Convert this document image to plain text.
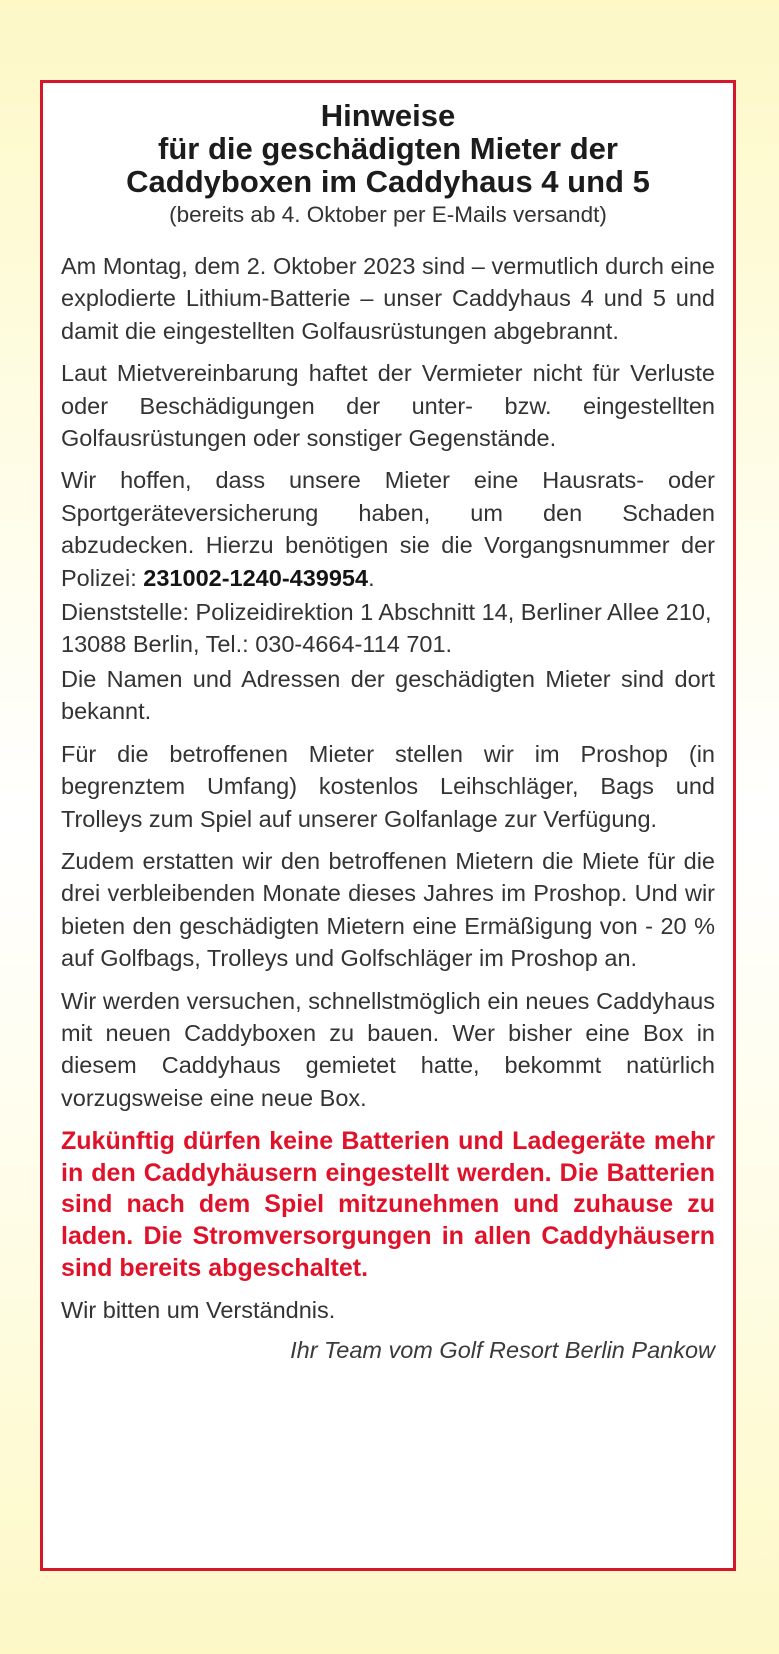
Hinweise
für die geschädigten Mieter der
Caddyboxen im Caddyhaus 4 und 5

(bereits ab 4. Oktober per E-Mails versandt)

Am Montag, dem 2. Oktober 2023 sind – vermutlich durch eine explodierte Lithium-Batterie – unser Caddyhaus 4 und 5 und damit die eingestellten Golfausrüstungen abgebrannt.

Laut Mietvereinbarung haftet der Vermieter nicht für Verluste oder Beschädigungen der unter- bzw. eingestellten Golfausrüstungen oder sonstiger Gegenstände.

Wir hoffen, dass unsere Mieter eine Hausrats- oder Sportgeräteversicherung haben, um den Schaden abzudecken. Hierzu benötigen sie die Vorgangsnummer der Polizei: 231002-1240-439954.

Dienststelle: Polizeidirektion 1 Abschnitt 14, Berliner Allee 210, 13088 Berlin, Tel.: 030-4664-114 701.

Die Namen und Adressen der geschädigten Mieter sind dort bekannt.

Für die betroffenen Mieter stellen wir im Proshop (in begrenztem Umfang) kostenlos Leihschläger, Bags und Trolleys zum Spiel auf unserer Golfanlage zur Verfügung.

Zudem erstatten wir den betroffenen Mietern die Miete für die drei verbleibenden Monate dieses Jahres im Proshop. Und wir bieten den geschädigten Mietern eine Ermäßigung von - 20 % auf Golfbags, Trolleys und Golfschläger im Proshop an.

Wir werden versuchen, schnellstmöglich ein neues Caddyhaus mit neuen Caddyboxen zu bauen. Wer bisher eine Box in diesem Caddyhaus gemietet hatte, bekommt natürlich vorzugsweise eine neue Box.

Zukünftig dürfen keine Batterien und Ladegeräte mehr in den Caddyhäusern eingestellt werden. Die Batterien sind nach dem Spiel mitzunehmen und zuhause zu laden. Die Stromversorgungen in allen Caddyhäusern sind bereits abgeschaltet.

Wir bitten um Verständnis.

Ihr Team vom Golf Resort Berlin Pankow
